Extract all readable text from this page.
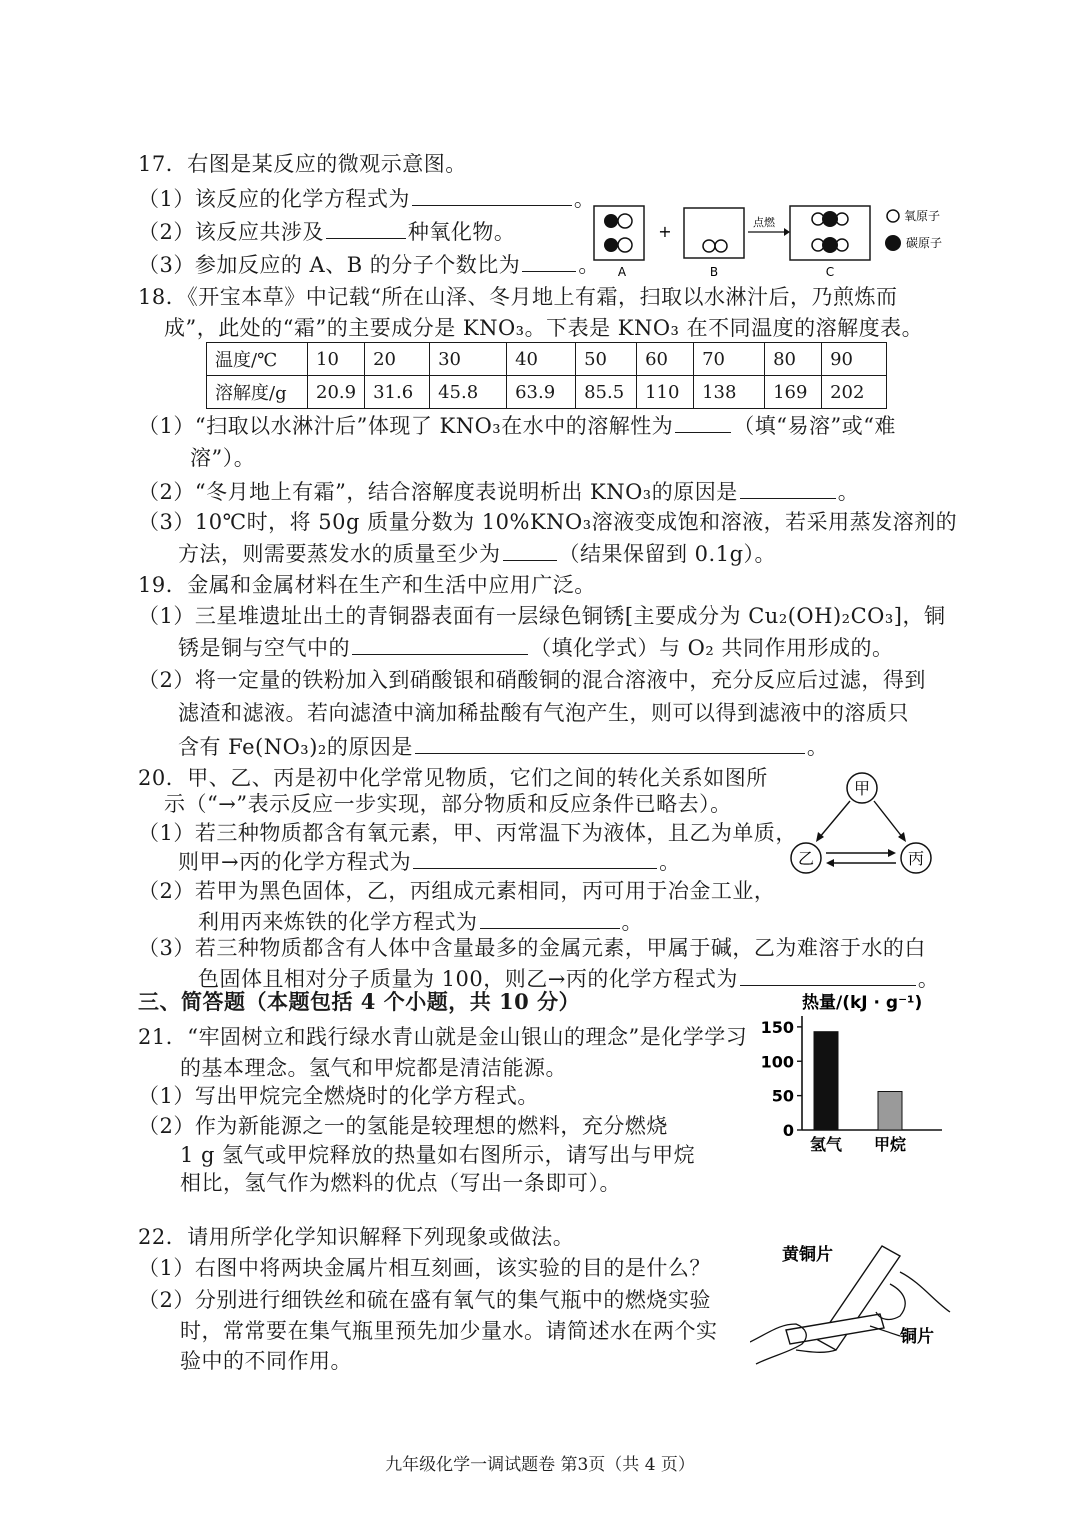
17．右图是某反应的微观示意图。
（1）该反应的化学方程式为	。
（2）该反应共涉及	种氧化物。
（3）参加反应的 A、B 的分子个数比为	。 A
+
B
点燃
C
氧原子
碳原子
18．《开宝本草》中记载“所在山泽、冬月地上有霜，扫取以水淋汁后，乃煎炼而
成”，此处的“霜”的主要成分是 KNO₃。下表是 KNO₃ 在不同温度的溶解度表。
温度/℃	10	20	30	40	50	60	70	80	90
溶解度/g	20.9	31.6	45.8	63.9	85.5	110	138	169	202
（1）“扫取以水淋汁后”体现了 KNO₃在水中的溶解性为	（填“易溶”或“难
溶”）。
（2）“冬月地上有霜”，结合溶解度表说明析出 KNO₃的原因是	。
（3）10℃时，将 50g 质量分数为 10%KNO₃溶液变成饱和溶液，若采用蒸发溶剂的
方法，则需要蒸发水的质量至少为	（结果保留到 0.1g）。
19．金属和金属材料在生产和生活中应用广泛。
（1）三星堆遗址出土的青铜器表面有一层绿色铜锈[主要成分为 Cu₂(OH)₂CO₃]，铜
锈是铜与空气中的	（填化学式）与 O₂ 共同作用形成的。
（2）将一定量的铁粉加入到硝酸银和硝酸铜的混合溶液中，充分反应后过滤，得到
滤渣和滤液。若向滤渣中滴加稀盐酸有气泡产生，则可以得到滤液中的溶质只
含有 Fe(NO₃)₂的原因是	。
20．甲、乙、丙是初中化学常见物质，它们之间的转化关系如图所
示（“→”表示反应一步实现，部分物质和反应条件已略去）。
（1）若三种物质都含有氧元素，甲、丙常温下为液体，且乙为单质，
则甲→丙的化学方程式为	。
（2）若甲为黑色固体，乙，丙组成元素相同，丙可用于冶金工业，
利用丙来炼铁的化学方程式为	。
（3）若三种物质都含有人体中含量最多的金属元素，甲属于碱，乙为难溶于水的白
色固体且相对分子质量为 100，则乙→丙的化学方程式为	。
甲
乙	丙
三、简答题（本题包括 4 个小题，共 10 分）
21．“牢固树立和践行绿水青山就是金山银山的理念”是化学学习
的基本理念。氢气和甲烷都是清洁能源。
（1）写出甲烷完全燃烧时的化学方程式。
（2）作为新能源之一的氢能是较理想的燃料，充分燃烧
1 g 氢气或甲烷释放的热量如右图所示，请写出与甲烷
相比，氢气作为燃料的优点（写出一条即可）。
热量/(kJ · g⁻¹)
0
50
100
150
氢气 甲烷
22．请用所学化学知识解释下列现象或做法。
（1）右图中将两块金属片相互刻画，该实验的目的是什么？
（2）分别进行细铁丝和硫在盛有氧气的集气瓶中的燃烧实验
时，常常要在集气瓶里预先加少量水。请简述水在两个实
验中的不同作用。
黄铜片
铜片
九年级化学一调试题卷 第3页（共 4 页）
